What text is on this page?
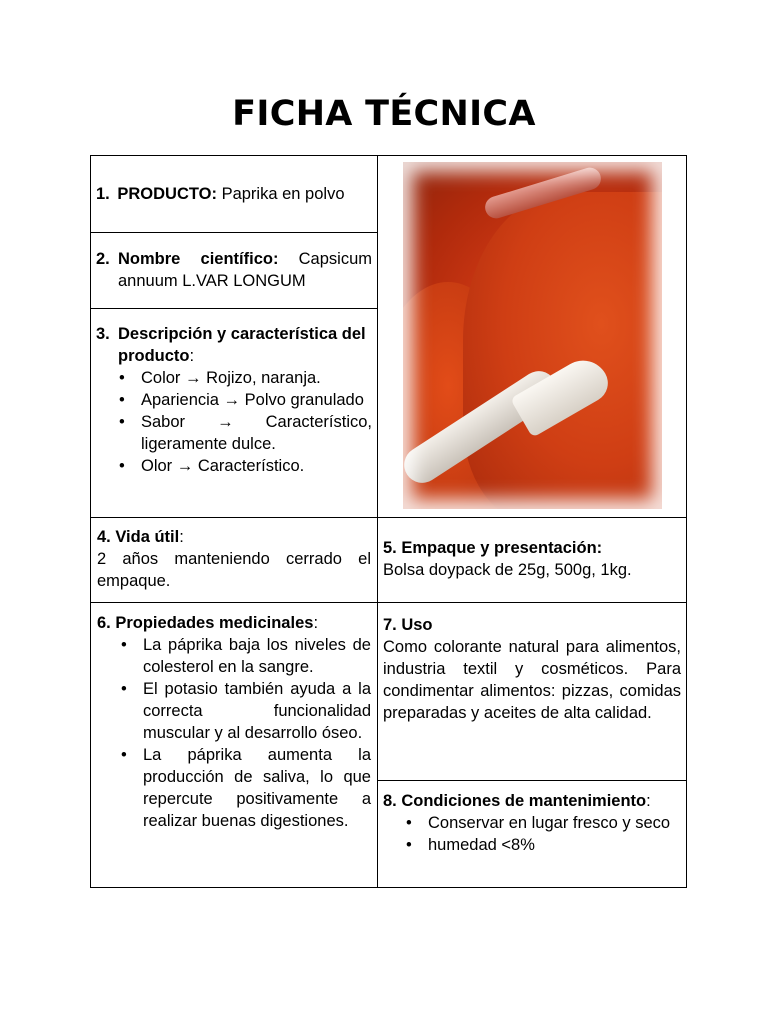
FICHA TÉCNICA
1. PRODUCTO: Paprika en polvo
2. Nombre científico: Capsicum annuum L.VAR LONGUM
3. Descripción y característica del producto:
• Color → Rojizo, naranja.
• Apariencia → Polvo granulado
• Sabor → Característico, ligeramente dulce.
• Olor → Característico.
4. Vida útil:
2 años manteniendo cerrado el empaque.
5. Empaque y presentación:
Bolsa doypack de 25g, 500g, 1kg.
6. Propiedades medicinales:
• La páprika baja los niveles de colesterol en la sangre.
• El potasio también ayuda a la correcta funcionalidad muscular y al desarrollo óseo.
• La páprika aumenta la producción de saliva, lo que repercute positivamente a realizar buenas digestiones.
7. Uso
Como colorante natural para alimentos, industria textil y cosméticos. Para condimentar alimentos: pizzas, comidas preparadas y aceites de alta calidad.
8. Condiciones de mantenimiento:
• Conservar en lugar fresco y seco
• humedad <8%
